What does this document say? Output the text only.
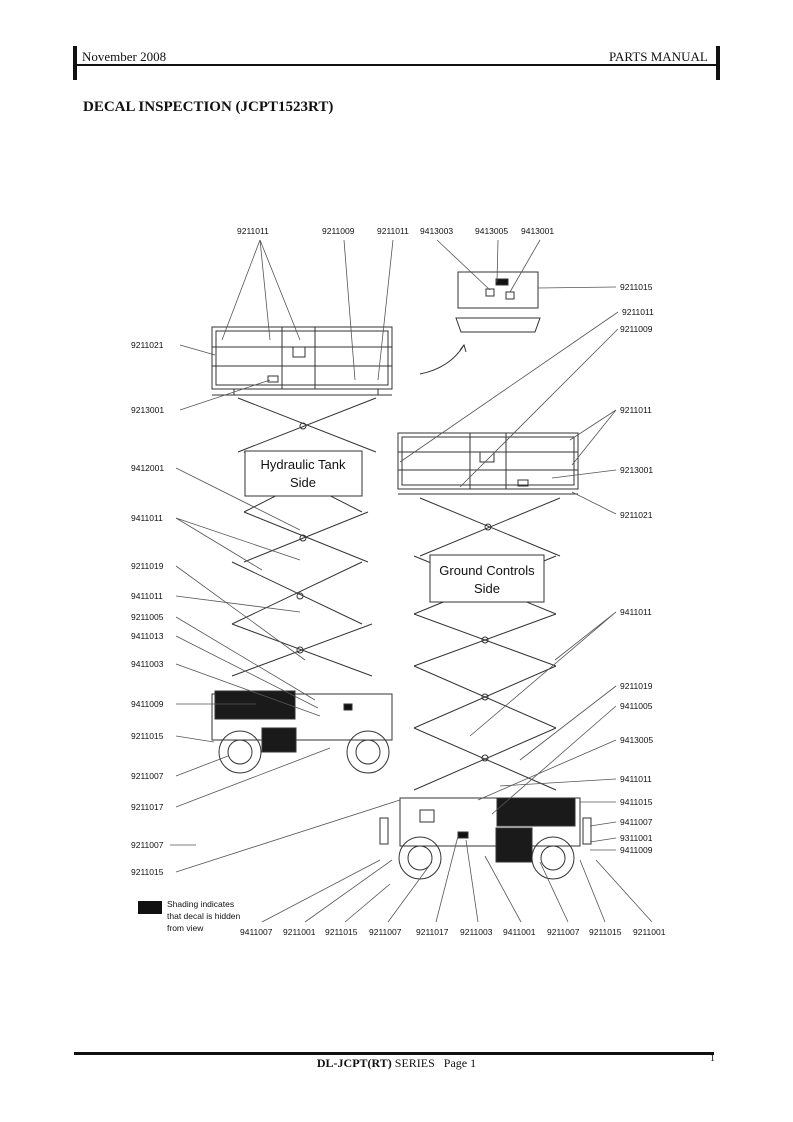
November 2008	PARTS MANUAL
DECAL INSPECTION (JCPT1523RT)
Hydraulic Tank
Side
Ground Controls
Side
9211011	9211009	9211011 9413003	9413005 9413001
9211021
9213001
9412001
9411011
9211019
9411011
9211005
9411013
9411003
9411009
9211015
9211007
9211017
9211007
9211015
9211015
9211011
9211009
9211011
9213001
9211021
9411011
9211019
9411005
9413005
9411011
9411015
9411007
9311001
9411009
9411007 9211001 9211015 9211007 9211017 9211003 9411001 9211007 9211015 9211001
Shading indicates
that decal is hidden
from view
DL-JCPT(RT) SERIES Page 1	1
